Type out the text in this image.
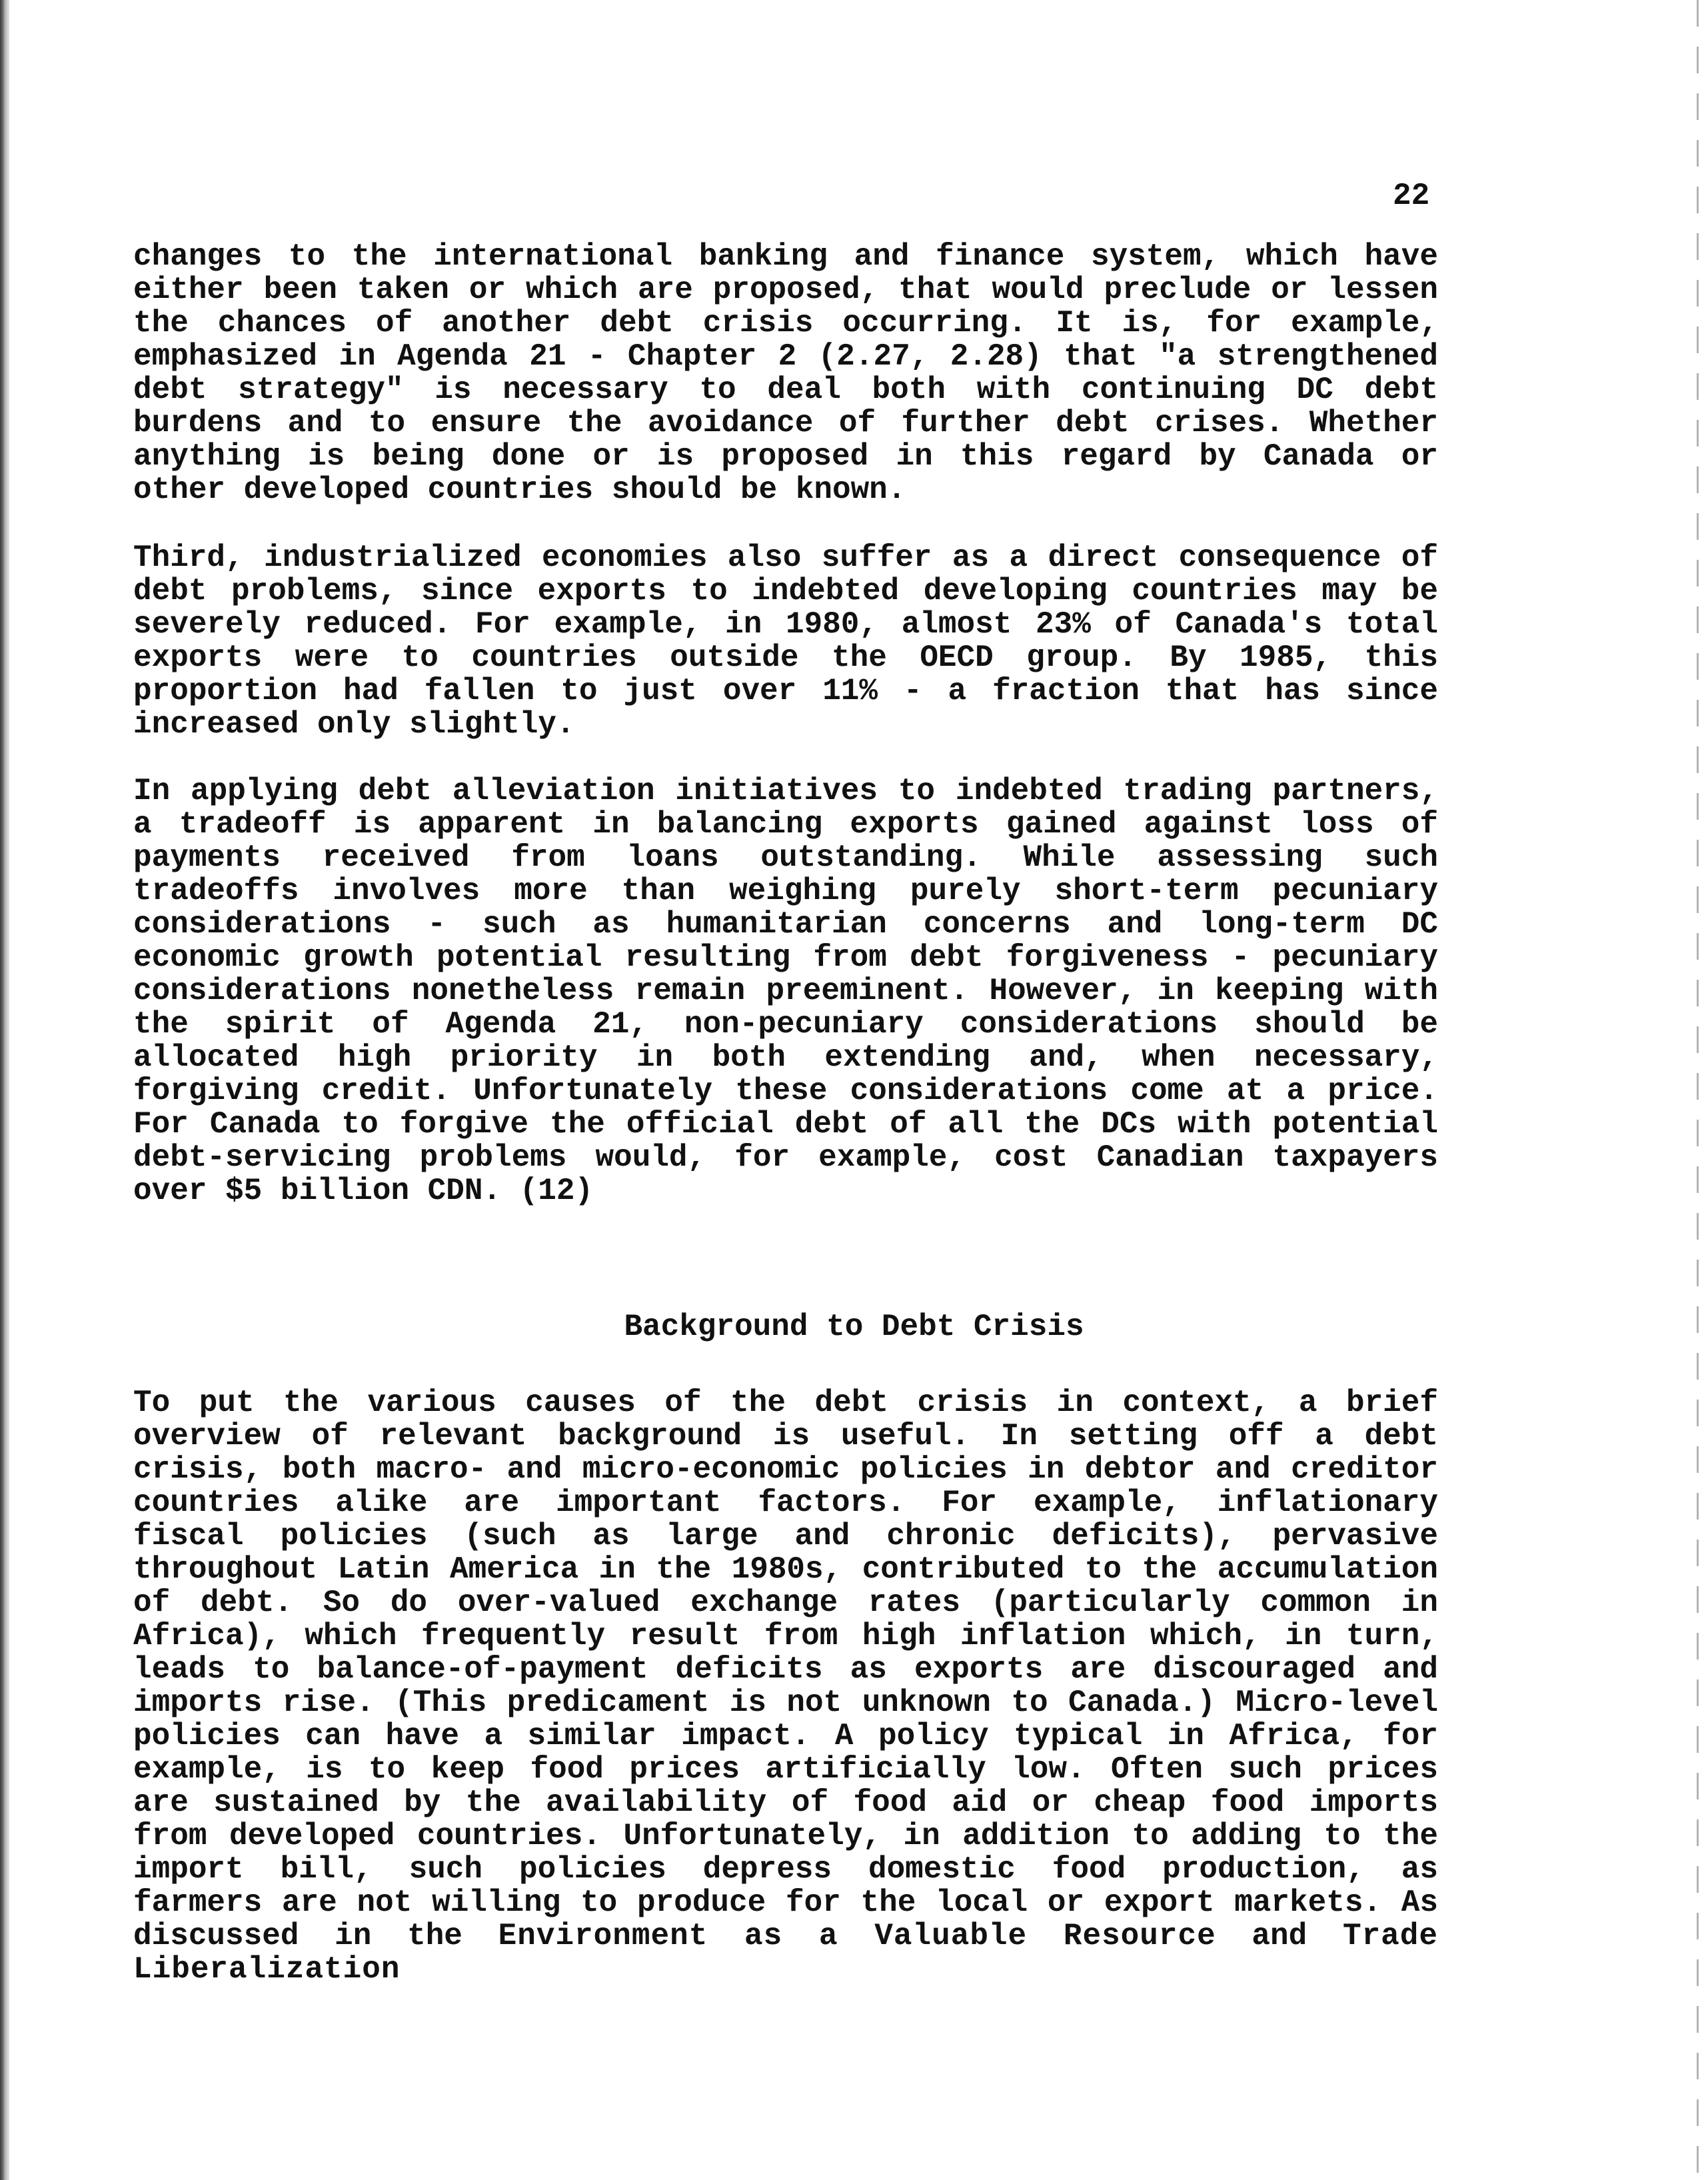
22

changes to the international banking and finance system, which have either been taken or which are proposed, that would preclude or lessen the chances of another debt crisis occurring. It is, for example, emphasized in Agenda 21 - Chapter 2 (2.27, 2.28) that "a strengthened debt strategy" is necessary to deal both with continuing DC debt burdens and to ensure the avoidance of further debt crises. Whether anything is being done or is proposed in this regard by Canada or other developed countries should be known.

Third, industrialized economies also suffer as a direct consequence of debt problems, since exports to indebted developing countries may be severely reduced. For example, in 1980, almost 23% of Canada's total exports were to countries outside the OECD group. By 1985, this proportion had fallen to just over 11% - a fraction that has since increased only slightly.

In applying debt alleviation initiatives to indebted trading partners, a tradeoff is apparent in balancing exports gained against loss of payments received from loans outstanding. While assessing such tradeoffs involves more than weighing purely short-term pecuniary considerations - such as humanitarian concerns and long-term DC economic growth potential resulting from debt forgiveness - pecuniary considerations nonetheless remain preeminent. However, in keeping with the spirit of Agenda 21, non-pecuniary considerations should be allocated high priority in both extending and, when necessary, forgiving credit. Unfortunately these considerations come at a price. For Canada to forgive the official debt of all the DCs with potential debt-servicing problems would, for example, cost Canadian taxpayers over $5 billion CDN. (12)

Background to Debt Crisis

To put the various causes of the debt crisis in context, a brief overview of relevant background is useful. In setting off a debt crisis, both macro- and micro-economic policies in debtor and creditor countries alike are important factors. For example, inflationary fiscal policies (such as large and chronic deficits), pervasive throughout Latin America in the 1980s, contributed to the accumulation of debt. So do over-valued exchange rates (particularly common in Africa), which frequently result from high inflation which, in turn, leads to balance-of-payment deficits as exports are discouraged and imports rise. (This predicament is not unknown to Canada.) Micro-level policies can have a similar impact. A policy typical in Africa, for example, is to keep food prices artificially low. Often such prices are sustained by the availability of food aid or cheap food imports from developed countries. Unfortunately, in addition to adding to the import bill, such policies depress domestic food production, as farmers are not willing to produce for the local or export markets. As discussed in the Environment as a Valuable Resource and Trade Liberalization
